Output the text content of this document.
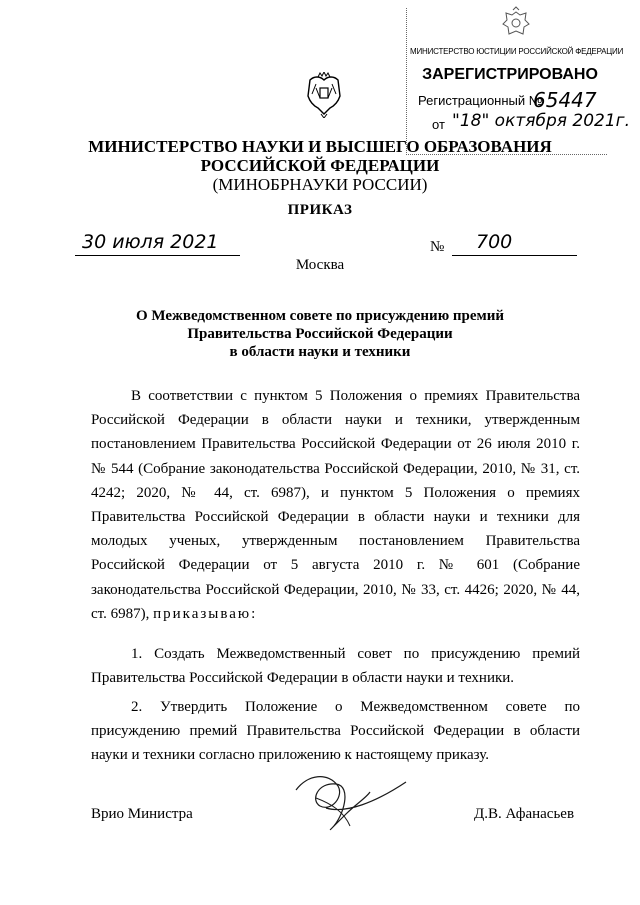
МИНИСТЕРСТВО ЮСТИЦИИ РОССИЙСКОЙ ФЕДЕРАЦИИ
ЗАРЕГИСТРИРОВАНО
Регистрационный №
65447
от "18" октября 2021г.
МИНИСТЕРСТВО НАУКИ И ВЫСШЕГО ОБРАЗОВАНИЯ
РОССИЙСКОЙ ФЕДЕРАЦИИ
(МИНОБРНАУКИ РОССИИ)
ПРИКАЗ
30 июля 2021	№ 700
Москва
О Межведомственном совете по присуждению премий
Правительства Российской Федерации
в области науки и техники
В соответствии с пунктом 5 Положения о премиях Правительства Российской Федерации в области науки и техники, утвержденным постановлением Правительства Российской Федерации от 26 июля 2010 г. № 544 (Собрание законодательства Российской Федерации, 2010, № 31, ст. 4242; 2020, № 44, ст. 6987), и пунктом 5 Положения о премиях Правительства Российской Федерации в области науки и техники для молодых ученых, утвержденным постановлением Правительства Российской Федерации от 5 августа 2010 г. № 601 (Собрание законодательства Российской Федерации, 2010, № 33, ст. 4426; 2020, № 44, ст. 6987), приказываю:
1. Создать Межведомственный совет по присуждению премий Правительства Российской Федерации в области науки и техники.
2. Утвердить Положение о Межведомственном совете по присуждению премий Правительства Российской Федерации в области науки и техники согласно приложению к настоящему приказу.
Врио Министра	Д.В. Афанасьев
